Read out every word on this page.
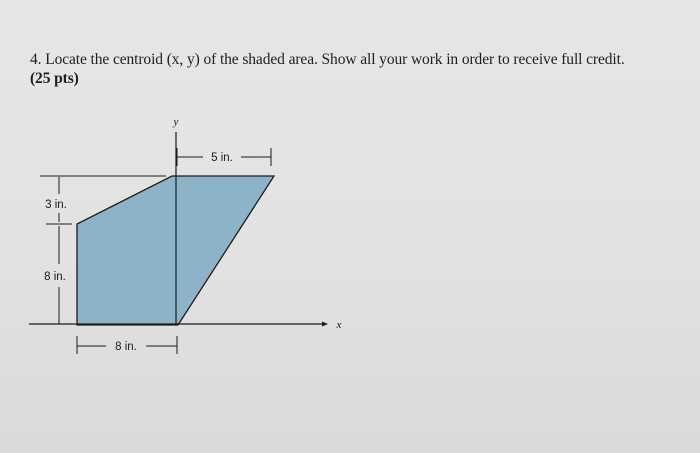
4. Locate the centroid (x, y) of the shaded area. Show all your work in order to receive full credit.
(25 pts)
y
x
5 in.
3 in.
8 in.
8 in.
